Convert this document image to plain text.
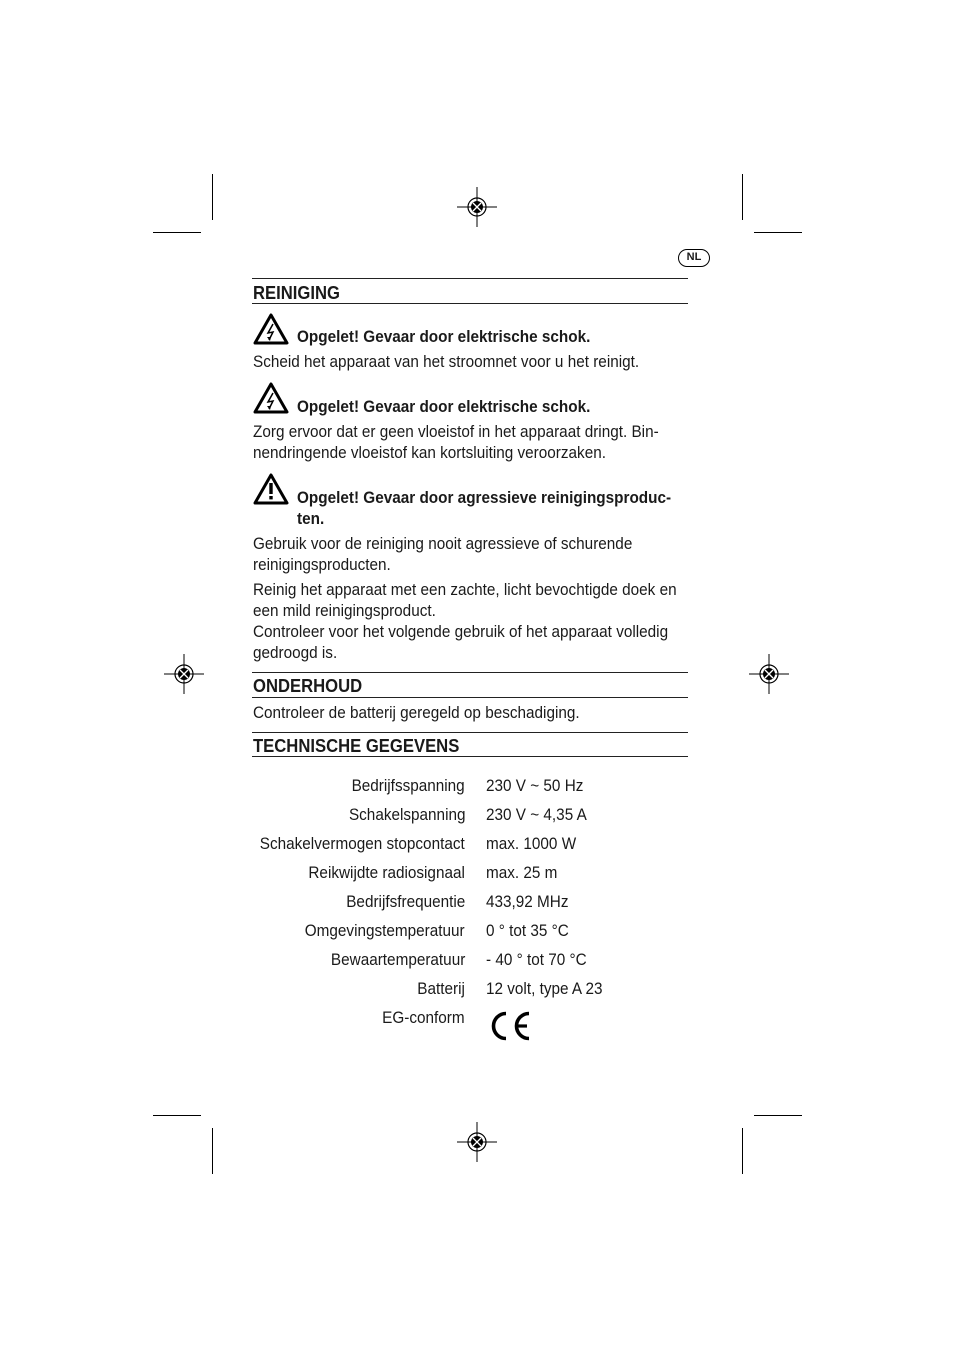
NL
REINIGING
Opgelet! Gevaar door elektrische schok.
Scheid het apparaat van het stroomnet voor u het reinigt.
Opgelet! Gevaar door elektrische schok.
Zorg ervoor dat er geen vloeistof in het apparaat dringt. Bin-
nendringende vloeistof kan kortsluiting veroorzaken.
Opgelet! Gevaar door agressieve reinigingsproduc-
ten.
Gebruik voor de reiniging nooit agressieve of schurende
reinigingsproducten.
Reinig het apparaat met een zachte, licht bevochtigde doek en
een mild reinigingsproduct.
Controleer voor het volgende gebruik of het apparaat volledig
gedroogd is.
ONDERHOUD
Controleer de batterij geregeld op beschadiging.
TECHNISCHE GEGEVENS
Bedrijfsspanning 230 V ~ 50 Hz
Schakelspanning 230 V ~ 4,35 A
Schakelvermogen stopcontact max. 1000 W
Reikwijdte radiosignaal max. 25 m
Bedrijfsfrequentie 433,92 MHz
Omgevingstemperatuur 0 ° tot 35 °C
Bewaartemperatuur - 40 ° tot 70 °C
Batterij 12 volt, type A 23
EG-conform
